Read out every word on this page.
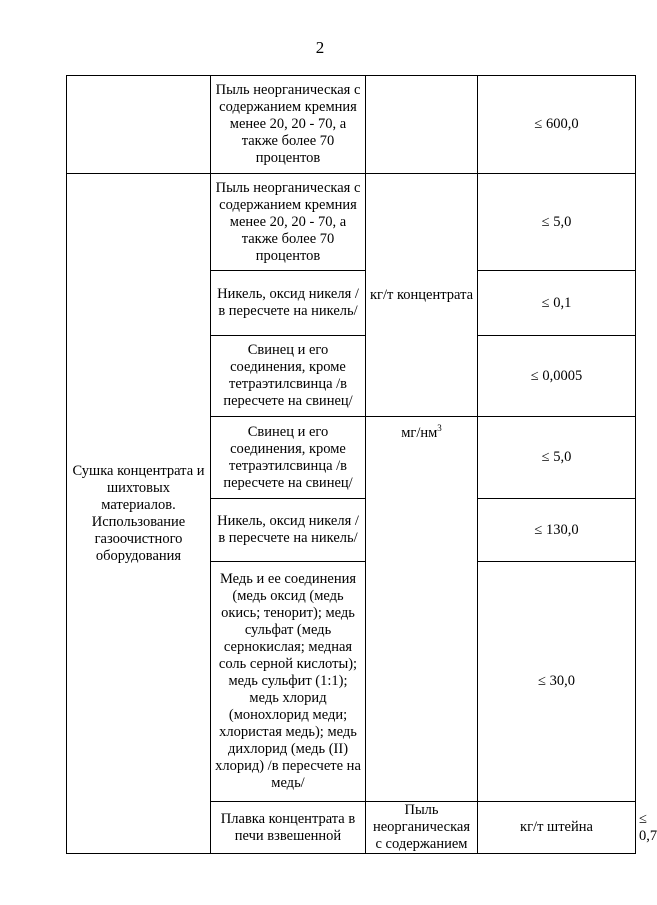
2
	Пыль неорганическая с содержанием кремния менее 20, 20 - 70, а также более 70 процентов		≤ 600,0	
Сушка концентрата и шихтовых материалов. Использование газоочистного оборудования	Пыль неорганическая с содержанием кремния менее 20, 20 - 70, а также более 70 процентов	кг/т концентрата	≤ 5,0	
	Никель, оксид никеля /в пересчете на никель/		≤ 0,1	
	Свинец и его соединения, кроме тетраэтилсвинца /в пересчете на свинец/		≤ 0,0005	
	Свинец и его соединения, кроме тетраэтилсвинца /в пересчете на свинец/	$мг/нм^3$	≤ 5,0	
	Никель, оксид никеля /в пересчете на никель/		≤ 130,0	
	Медь и ее соединения (медь оксид (медь окись; тенорит); медь сульфат (медь сернокислая; медная соль серной кислоты); медь сульфит (1:1); медь хлорид (монохлорид меди; хлористая медь); медь дихлорид (медь (II) хлорид) /в пересчете на медь/		≤ 30,0	
	Плавка концентрата в печи взвешенной	Пыль неорганическая с содержанием	кг/т штейна	≤ 0,7
